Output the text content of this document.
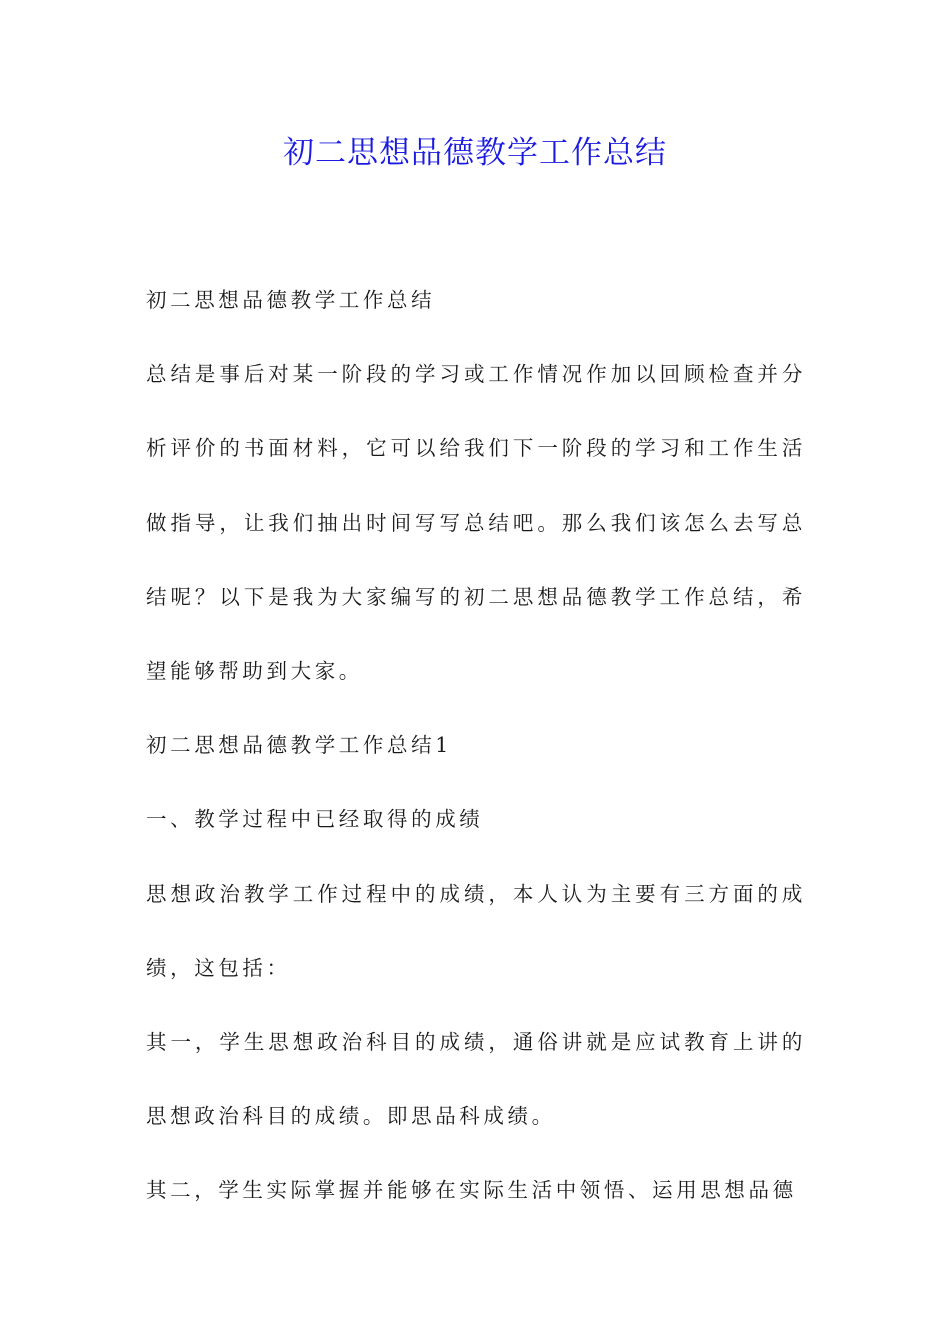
初二思想品德教学工作总结

初二思想品德教学工作总结

总结是事后对某一阶段的学习或工作情况作加以回顾检查并分析评价的书面材料，它可以给我们下一阶段的学习和工作生活做指导，让我们抽出时间写写总结吧。那么我们该怎么去写总结呢？以下是我为大家编写的初二思想品德教学工作总结，希望能够帮助到大家。

初二思想品德教学工作总结1

一、教学过程中已经取得的成绩

思想政治教学工作过程中的成绩，本人认为主要有三方面的成绩，这包括：

其一，学生思想政治科目的成绩，通俗讲就是应试教育上讲的思想政治科目的成绩。即思品科成绩。

其二，学生实际掌握并能够在实际生活中领悟、运用思想品德
